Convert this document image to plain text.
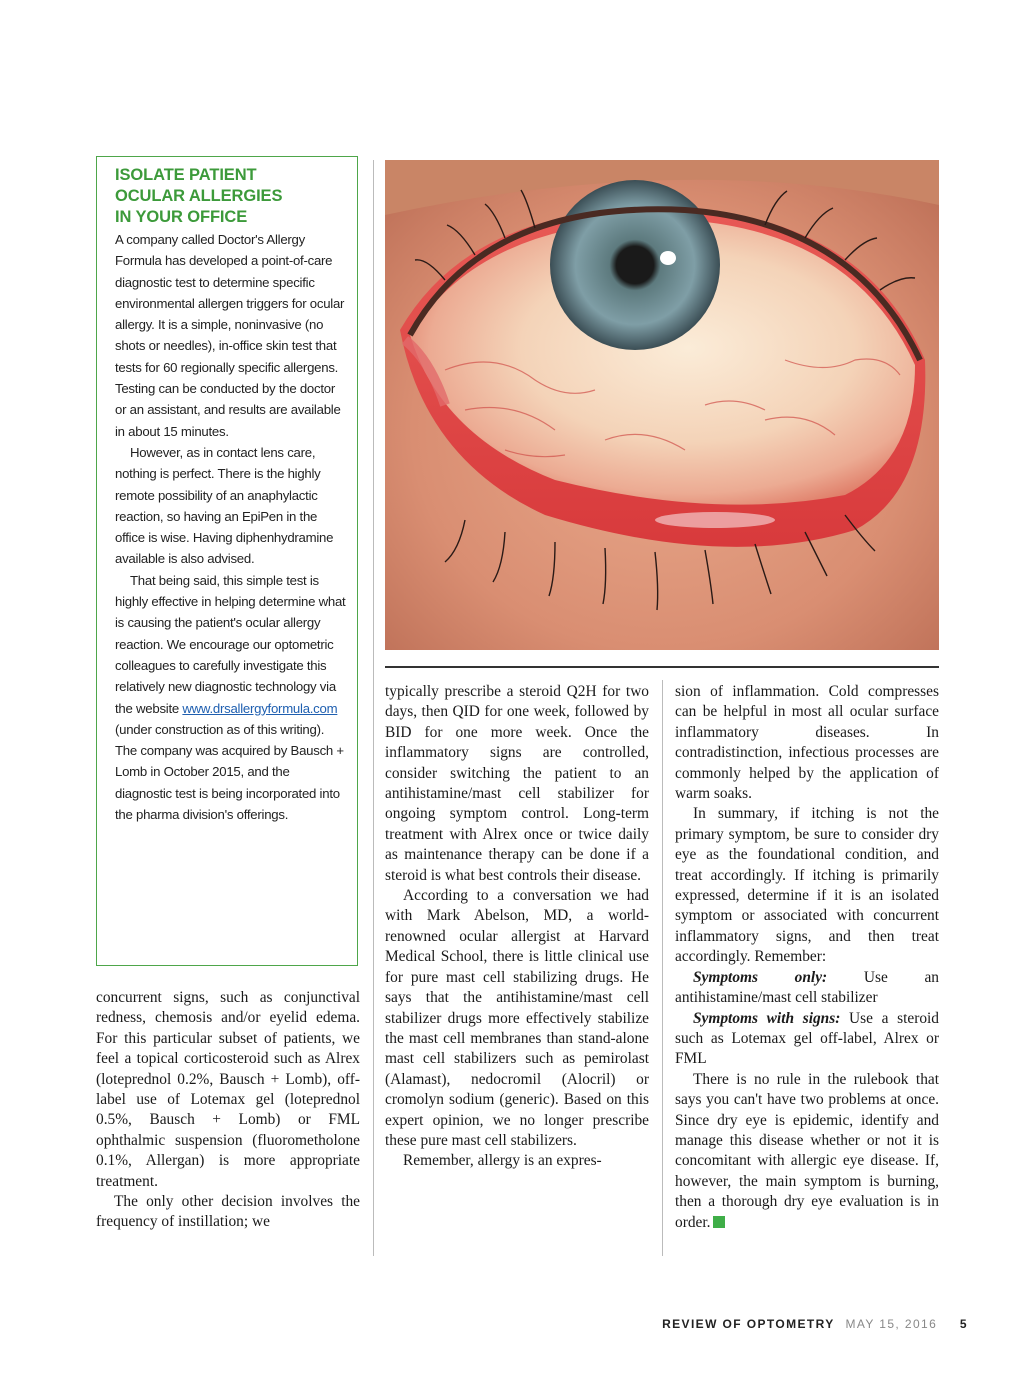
ISOLATE PATIENT
OCULAR ALLERGIES
IN YOUR OFFICE

A company called Doctor's Allergy Formula has developed a point-of-care diagnostic test to determine specific environmental allergen triggers for ocular allergy. It is a simple, noninvasive (no shots or needles), in-office skin test that tests for 60 regionally specific allergens. Testing can be conducted by the doctor or an assistant, and results are available in about 15 minutes.

However, as in contact lens care, nothing is perfect. There is the highly remote possibility of an anaphylactic reaction, so having an EpiPen in the office is wise. Having diphenhydramine available is also advised.

That being said, this simple test is highly effective in helping determine what is causing the patient's ocular allergy reaction. We encourage our optometric colleagues to carefully investigate this relatively new diagnostic technology via the website www.drsallergyformula.com (under construction as of this writing). The company was acquired by Bausch + Lomb in October 2015, and the diagnostic test is being incorporated into the pharma division's offerings.

concurrent signs, such as conjunctival redness, chemosis and/or eyelid edema. For this particular subset of patients, we feel a topical corticosteroid such as Alrex (loteprednol 0.2%, Bausch + Lomb), off-label use of Lotemax gel (loteprednol 0.5%, Bausch + Lomb) or FML ophthalmic suspension (fluorometholone 0.1%, Allergan) is more appropriate treatment.

The only other decision involves the frequency of instillation; we

typically prescribe a steroid Q2H for two days, then QID for one week, followed by BID for one more week. Once the inflammatory signs are controlled, consider switching the patient to an antihistamine/mast cell stabilizer for ongoing symptom control. Long-term treatment with Alrex once or twice daily as maintenance therapy can be done if a steroid is what best controls their disease.

According to a conversation we had with Mark Abelson, MD, a world-renowned ocular allergist at Harvard Medical School, there is little clinical use for pure mast cell stabilizing drugs. He says that the antihistamine/mast cell stabilizer drugs more effectively stabilize the mast cell membranes than stand-alone mast cell stabilizers such as pemirolast (Alamast), nedocromil (Alocril) or cromolyn sodium (generic). Based on this expert opinion, we no longer prescribe these pure mast cell stabilizers.

Remember, allergy is an expres-

sion of inflammation. Cold compresses can be helpful in most all ocular surface inflammatory diseases. In contradistinction, infectious processes are commonly helped by the application of warm soaks.

In summary, if itching is not the primary symptom, be sure to consider dry eye as the foundational condition, and treat accordingly. If itching is primarily expressed, determine if it is an isolated symptom or associated with concurrent inflammatory signs, and then treat accordingly. Remember:

Symptoms only: Use an antihistamine/mast cell stabilizer

Symptoms with signs: Use a steroid such as Lotemax gel off-label, Alrex or FML

There is no rule in the rulebook that says you can't have two problems at once. Since dry eye is epidemic, identify and manage this disease whether or not it is concomitant with allergic eye disease. If, however, the main symptom is burning, then a thorough dry eye evaluation is in order.

REVIEW OF OPTOMETRY MAY 15, 2016 5
